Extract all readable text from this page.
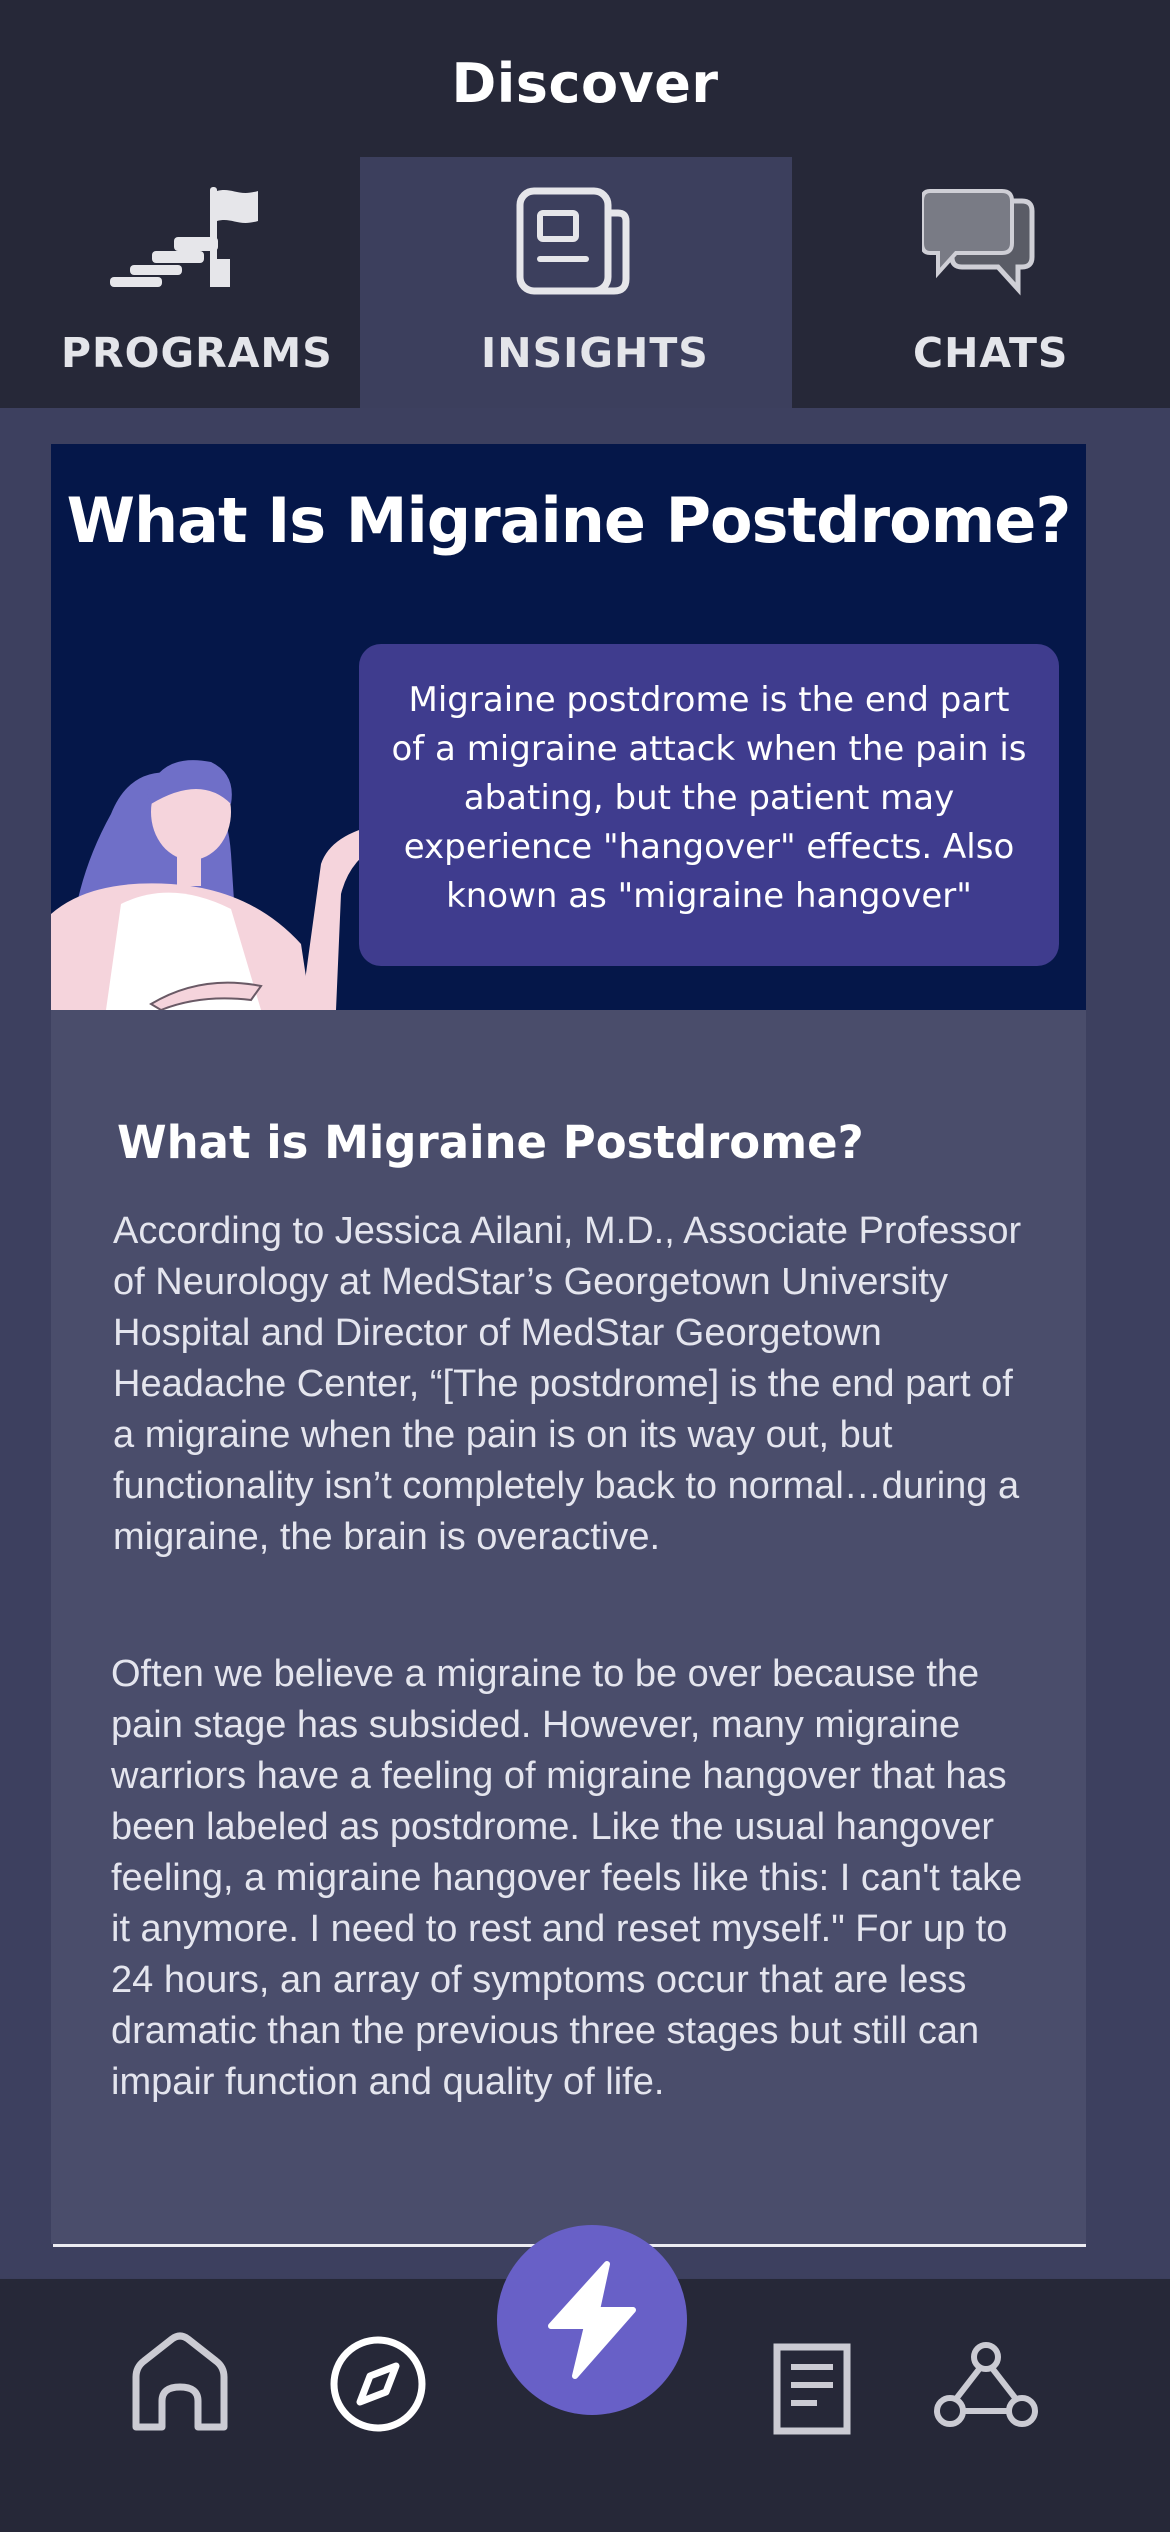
Discover
PROGRAMS	INSIGHTS	CHATS
What Is Migraine Postdrome?
Migraine postdrome is the end part of a migraine attack when the pain is abating, but the patient may experience "hangover" effects. Also known as "migraine hangover"
What is Migraine Postdrome?
According to Jessica Ailani, M.D., Associate Professor of Neurology at MedStar’s Georgetown University Hospital and Director of MedStar Georgetown Headache Center, “[The postdrome] is the end part of a migraine when the pain is on its way out, but functionality isn’t completely back to normal…during a migraine, the brain is overactive.
Often we believe a migraine to be over because the pain stage has subsided. However, many migraine warriors have a feeling of migraine hangover that has been labeled as postdrome. Like the usual hangover feeling, a migraine hangover feels like this: I can't take it anymore. I need to rest and reset myself." For up to 24 hours, an array of symptoms occur that are less dramatic than the previous three stages but still can impair function and quality of life.
